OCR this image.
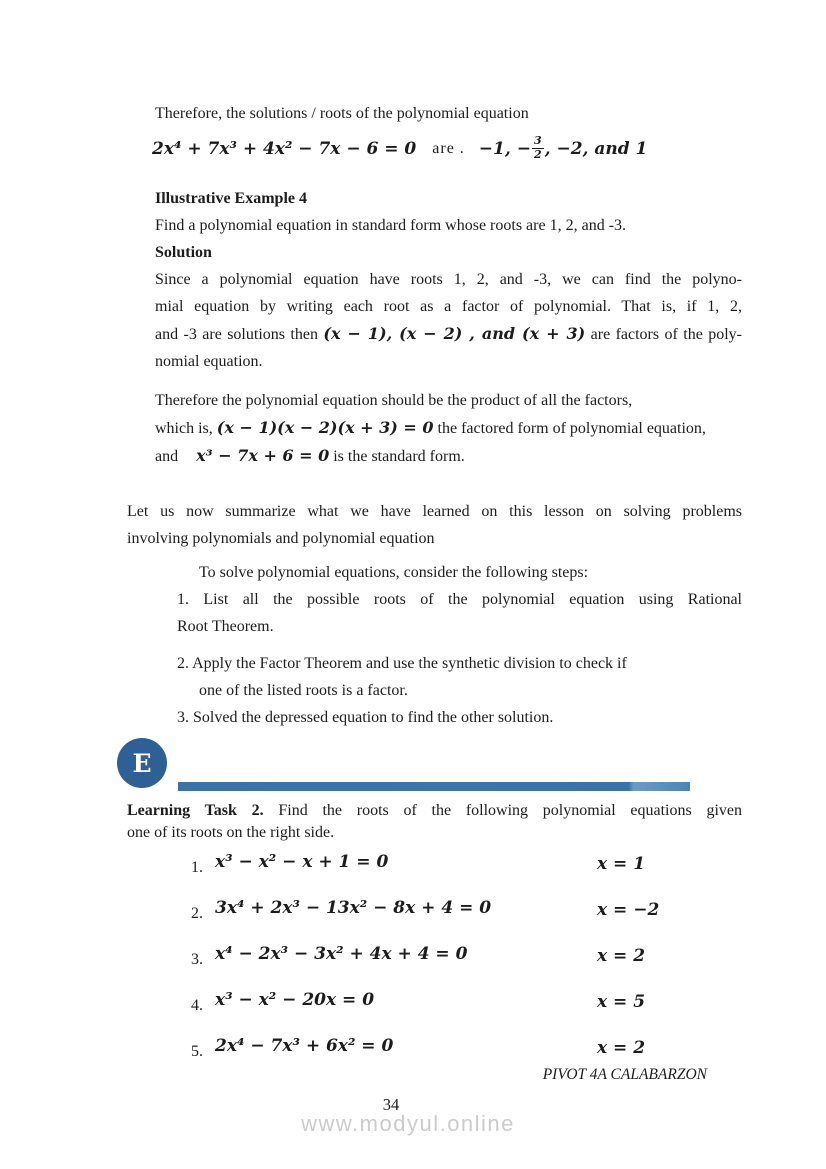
Therefore, the solutions / roots of the polynomial equation
2x⁴ + 7x³ + 4x² − 7x − 6 = 0 are . −1, − $\frac{3}{2}$ , −2, and 1
Illustrative Example 4
Find a polynomial equation in standard form whose roots are 1, 2, and -3.
Solution
Since a polynomial equation have roots 1, 2, and -3, we can find the polyno-
mial equation by writing each root as a factor of polynomial. That is, if 1, 2,
and -3 are solutions then (x − 1), (x − 2) , and (x + 3) are factors of the poly-
nomial equation.
Therefore the polynomial equation should be the product of all the factors,
which is, (x − 1)(x − 2)(x + 3) = 0 the factored form of polynomial equation,
and x³ − 7x + 6 = 0 is the standard form.
Let us now summarize what we have learned on this lesson on solving problems
involving polynomials and polynomial equation
To solve polynomial equations, consider the following steps:
1. List all the possible roots of the polynomial equation using Rational
Root Theorem.
2. Apply the Factor Theorem and use the synthetic division to check if
one of the listed roots is a factor.
3. Solved the depressed equation to find the other solution.
E
Learning Task 2. Find the roots of the following polynomial equations given
one of its roots on the right side.
1. x³ − x² − x + 1 = 0	x = 1
2. 3x⁴ + 2x³ − 13x² − 8x + 4 = 0	x = −2
3. x⁴ − 2x³ − 3x² + 4x + 4 = 0	x = 2
4. x³ − x² − 20x = 0	x = 5
5. 2x⁴ − 7x³ + 6x² = 0	x = 2
PIVOT 4A CALABARZON
34
www.modyul.online
